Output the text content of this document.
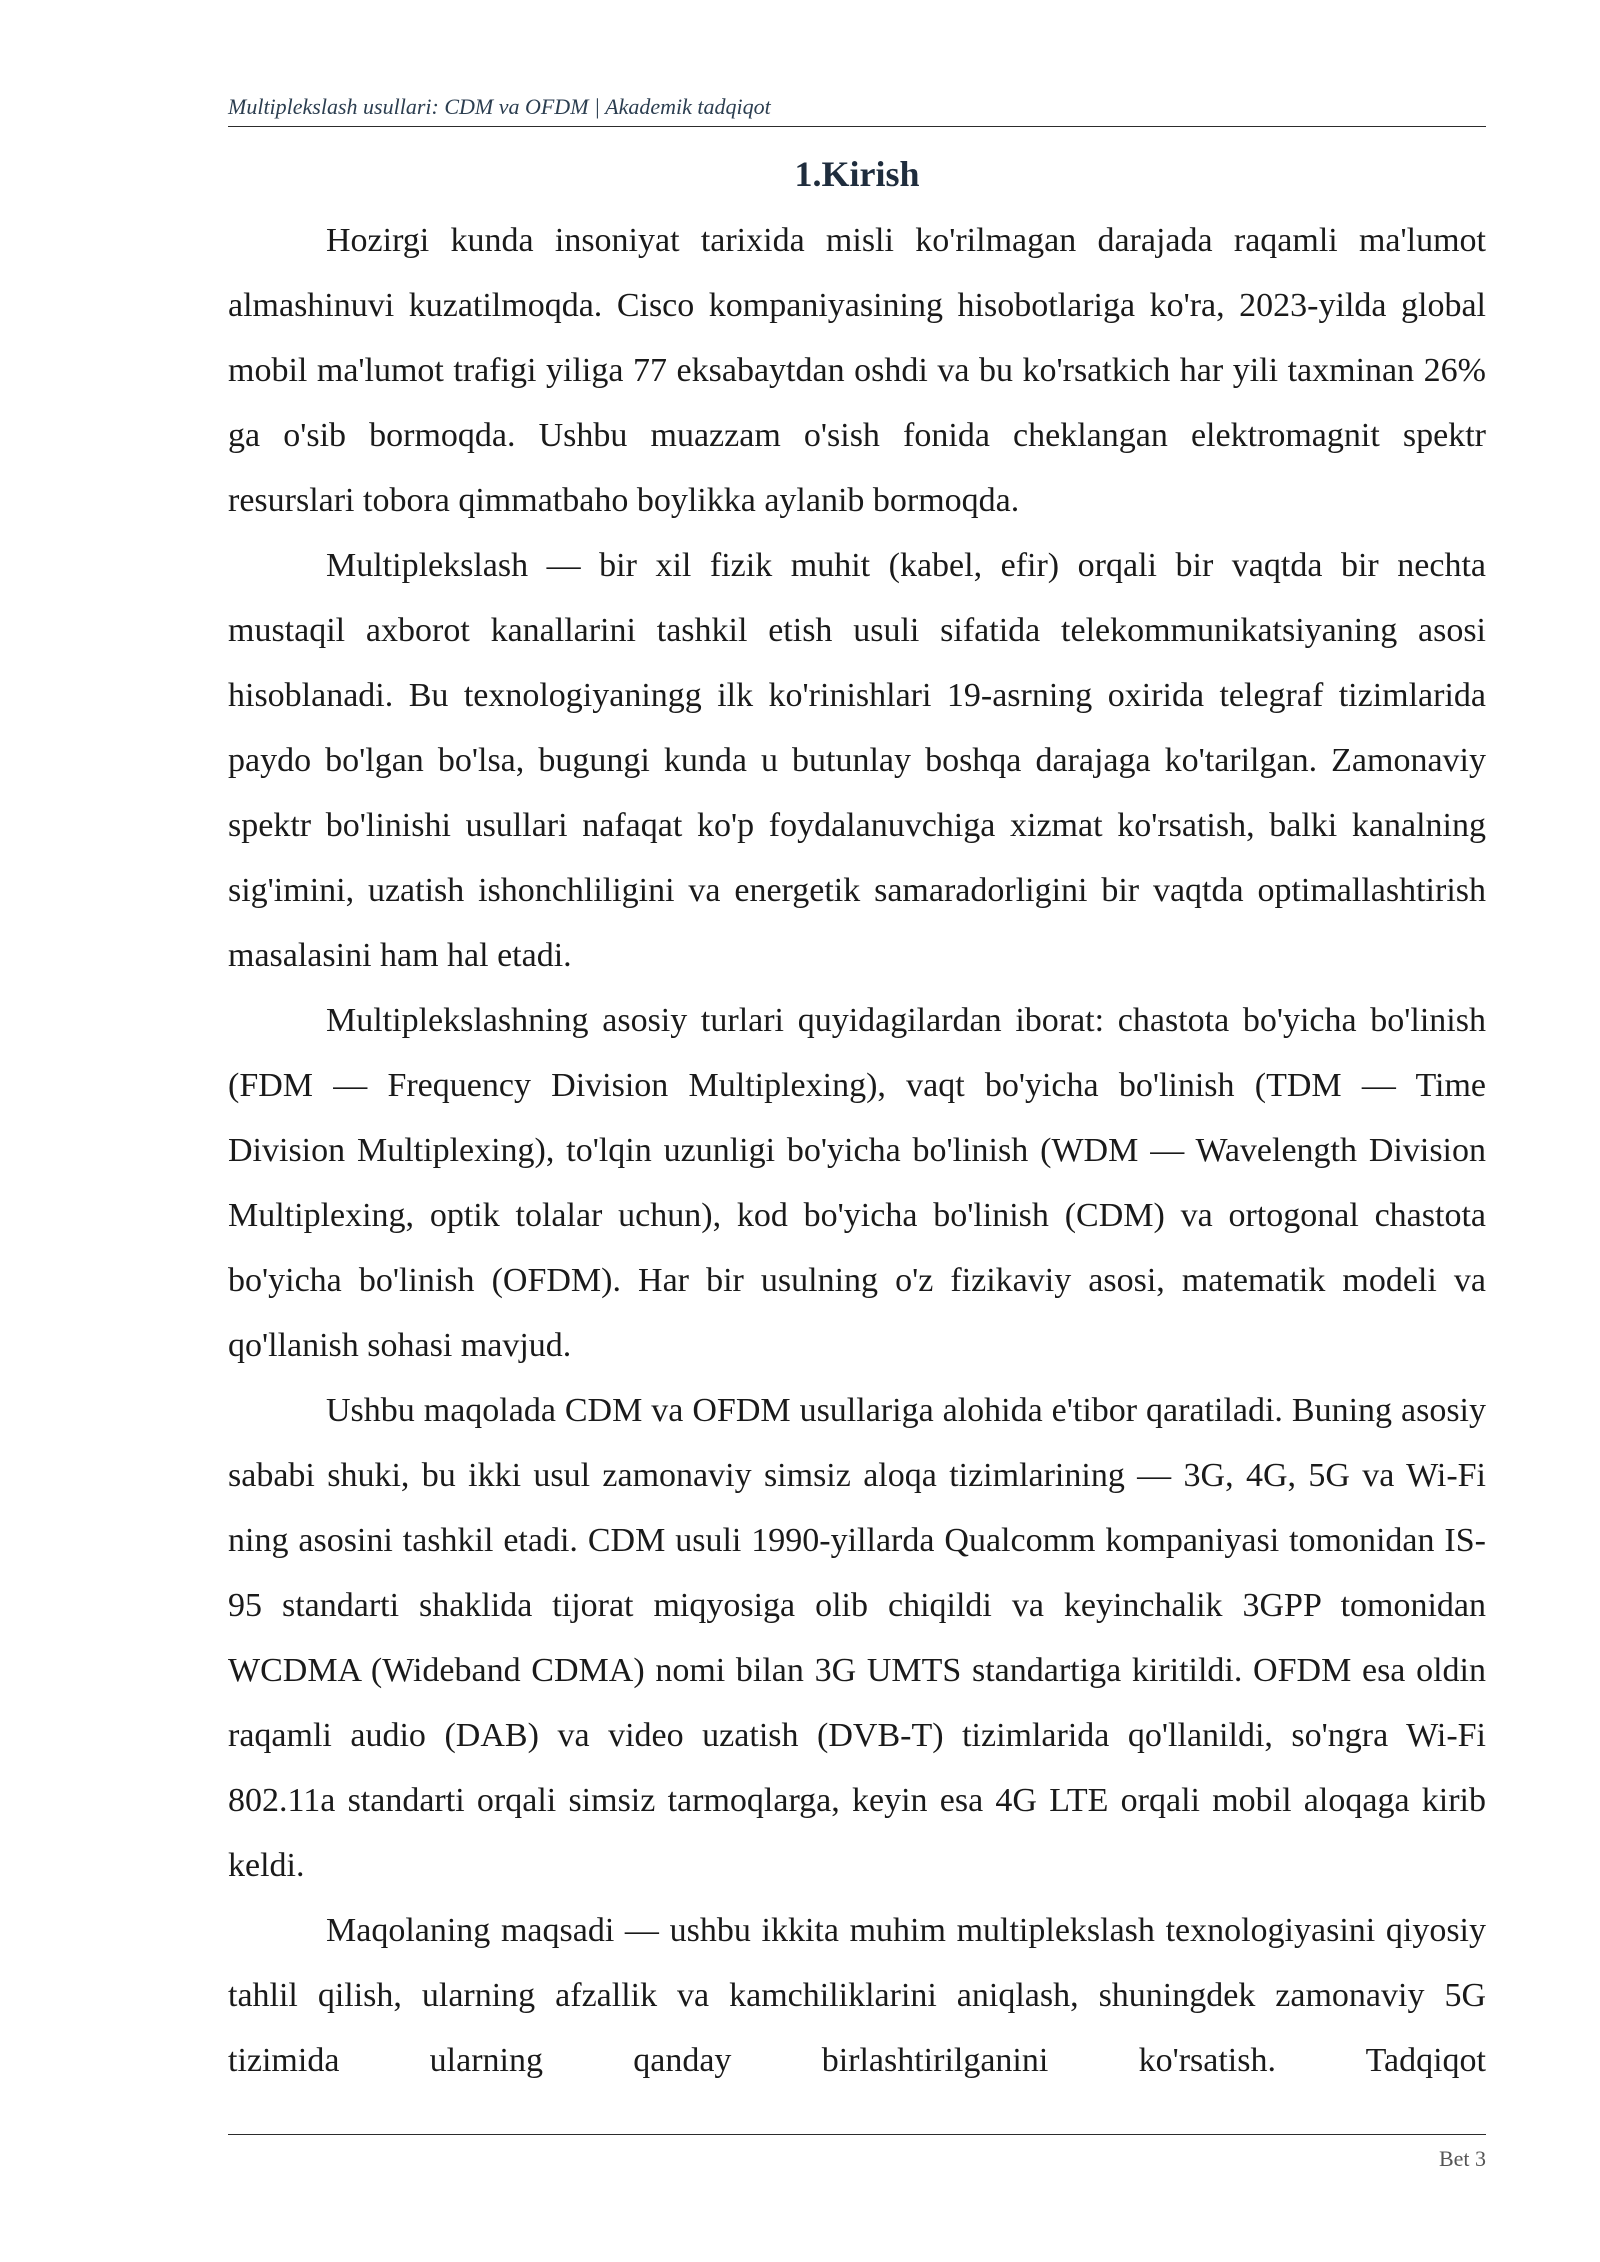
Multiplekslash usullari: CDM va OFDM | Akademik tadqiqot
1.Kirish

Hozirgi kunda insoniyat tarixida misli ko'rilmagan darajada raqamli ma'lumot almashinuvi kuzatilmoqda. Cisco kompaniyasining hisobotlariga ko'ra, 2023-yilda global mobil ma'lumot trafigi yiliga 77 eksabaytdan oshdi va bu ko'rsatkich har yili taxminan 26% ga o'sib bormoqda. Ushbu muazzam o'sish fonida cheklangan elektromagnit spektr resurslari tobora qimmatbaho boylikka aylanib bormoqda.

Multiplekslash — bir xil fizik muhit (kabel, efir) orqali bir vaqtda bir nechta mustaqil axborot kanallarini tashkil etish usuli sifatida telekommunikatsiyaning asosi hisoblanadi. Bu texnologiyaningg ilk ko'rinishlari 19-asrning oxirida telegraf tizimlarida paydo bo'lgan bo'lsa, bugungi kunda u butunlay boshqa darajaga ko'tarilgan. Zamonaviy spektr bo'linishi usullari nafaqat ko'p foydalanuvchiga xizmat ko'rsatish, balki kanalning sig'imini, uzatish ishonchliligini va energetik samaradorligini bir vaqtda optimallashtirish masalasini ham hal etadi.

Multiplekslashning asosiy turlari quyidagilardan iborat: chastota bo'yicha bo'linish (FDM — Frequency Division Multiplexing), vaqt bo'yicha bo'linish (TDM — Time Division Multiplexing), to'lqin uzunligi bo'yicha bo'linish (WDM — Wavelength Division Multiplexing, optik tolalar uchun), kod bo'yicha bo'linish (CDM) va ortogonal chastota bo'yicha bo'linish (OFDM). Har bir usulning o'z fizikaviy asosi, matematik modeli va qo'llanish sohasi mavjud.

Ushbu maqolada CDM va OFDM usullariga alohida e'tibor qaratiladi. Buning asosiy sababi shuki, bu ikki usul zamonaviy simsiz aloqa tizimlarining — 3G, 4G, 5G va Wi-Fi ning asosini tashkil etadi. CDM usuli 1990-yillarda Qualcomm kompaniyasi tomonidan IS-95 standarti shaklida tijorat miqyosiga olib chiqildi va keyinchalik 3GPP tomonidan WCDMA (Wideband CDMA) nomi bilan 3G UMTS standartiga kiritildi. OFDM esa oldin raqamli audio (DAB) va video uzatish (DVB-T) tizimlarida qo'llanildi, so'ngra Wi-Fi 802.11a standarti orqali simsiz tarmoqlarga, keyin esa 4G LTE orqali mobil aloqaga kirib keldi.

Maqolaning maqsadi — ushbu ikkita muhim multiplekslash texnologiyasini qiyosiy tahlil qilish, ularning afzallik va kamchiliklarini aniqlash, shuningdek zamonaviy 5G tizimida ularning qanday birlashtirilganini ko'rsatish. Tadqiqot

Bet 3
